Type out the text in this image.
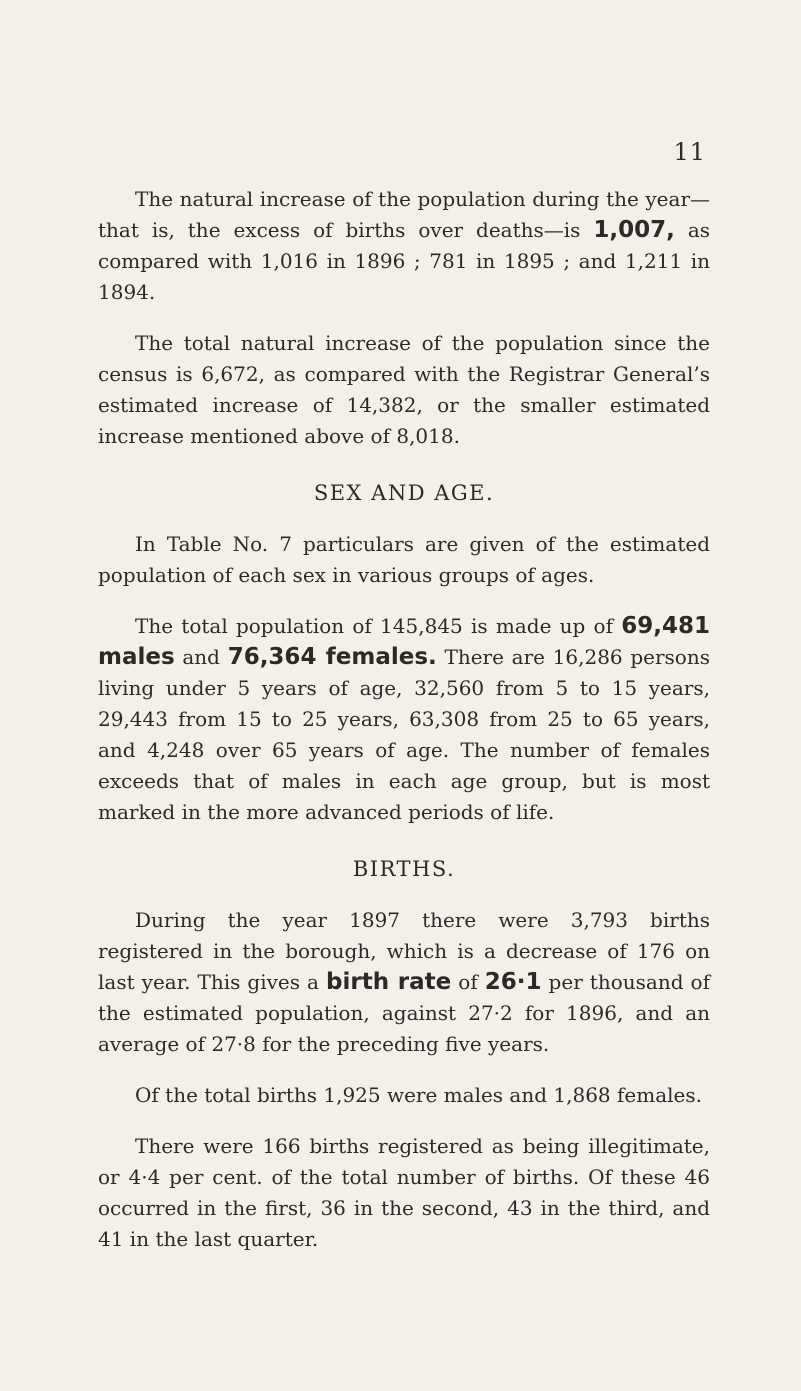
11

The natural increase of the population during the year—that is, the excess of births over deaths—is 1,007, as compared with 1,016 in 1896 ; 781 in 1895 ; and 1,211 in 1894.

The total natural increase of the population since the census is 6,672, as compared with the Registrar General’s estimated increase of 14,382, or the smaller estimated increase mentioned above of 8,018.

SEX AND AGE.

In Table No. 7 particulars are given of the estimated population of each sex in various groups of ages.

The total population of 145,845 is made up of 69,481 males and 76,364 females. There are 16,286 persons living under 5 years of age, 32,560 from 5 to 15 years, 29,443 from 15 to 25 years, 63,308 from 25 to 65 years, and 4,248 over 65 years of age. The number of females exceeds that of males in each age group, but is most marked in the more advanced periods of life.

BIRTHS.

During the year 1897 there were 3,793 births registered in the borough, which is a decrease of 176 on last year. This gives a birth rate of 26·1 per thousand of the estimated population, against 27·2 for 1896, and an average of 27·8 for the preceding five years.

Of the total births 1,925 were males and 1,868 females.

There were 166 births registered as being illegitimate, or 4·4 per cent. of the total number of births. Of these 46 occurred in the first, 36 in the second, 43 in the third, and 41 in the last quarter.
